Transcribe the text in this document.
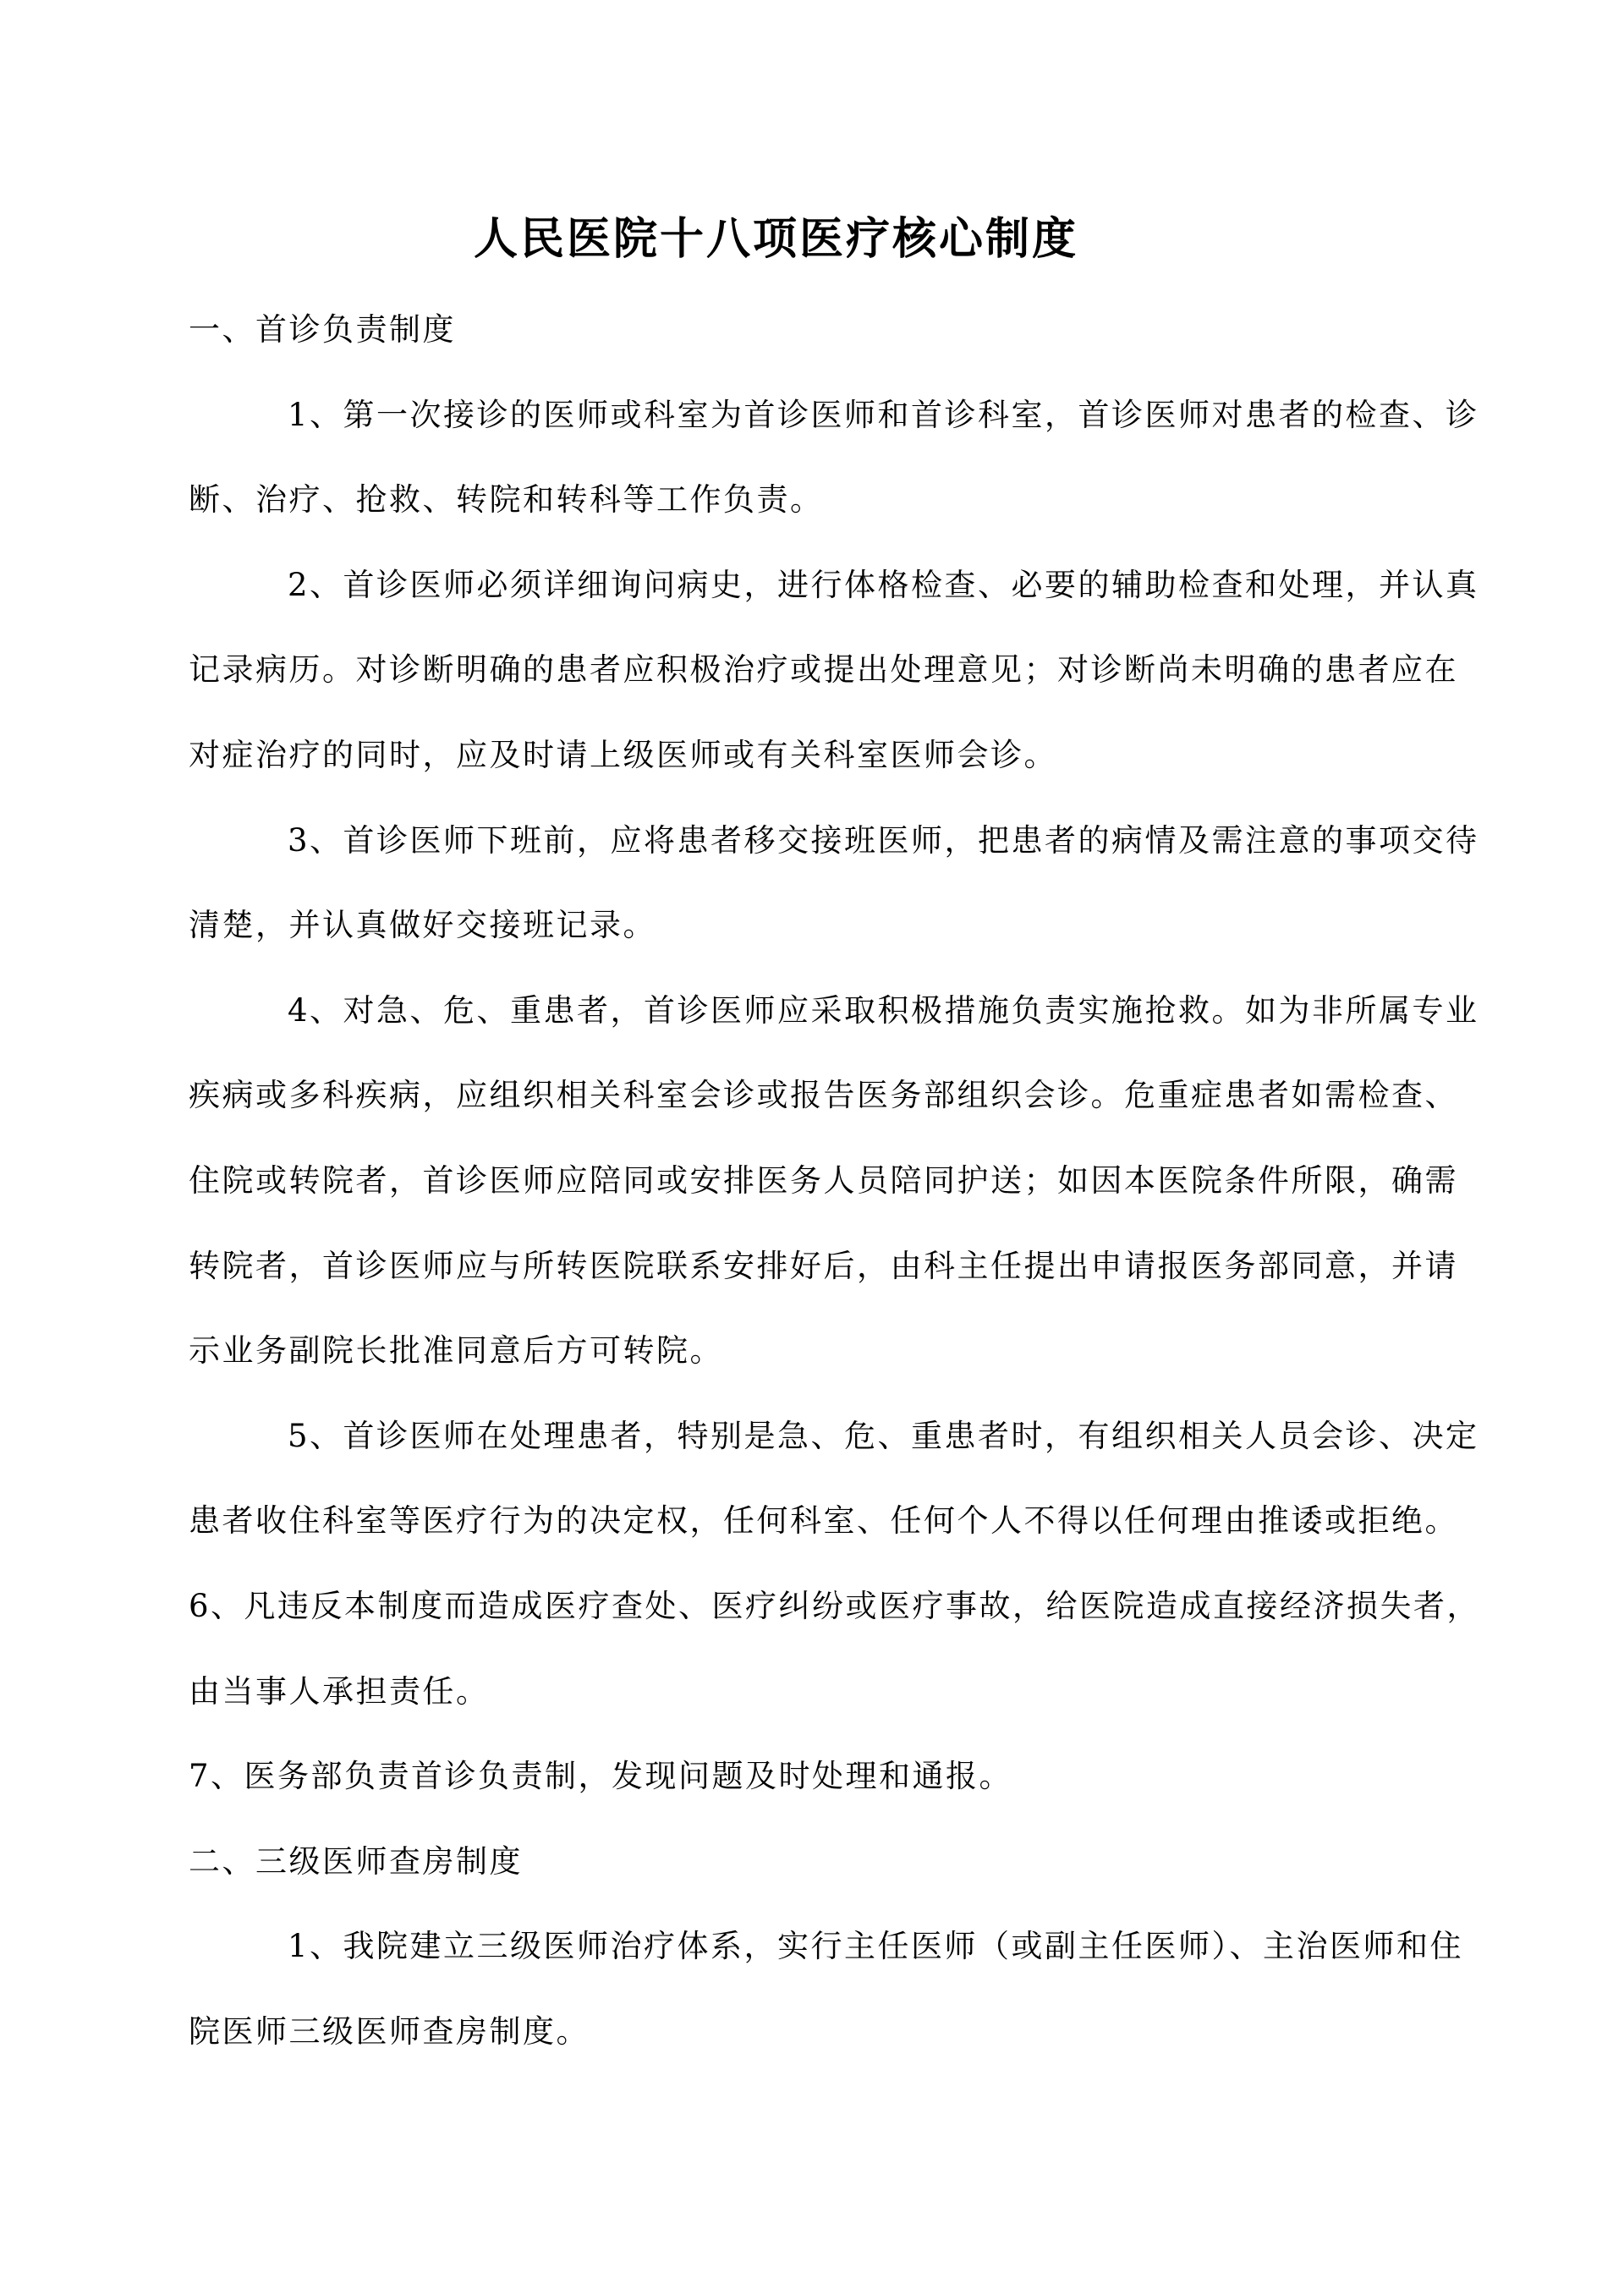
人民医院十八项医疗核心制度
一、首诊负责制度
1、第一次接诊的医师或科室为首诊医师和首诊科室，首诊医师对患者的检查、诊
断、治疗、抢救、转院和转科等工作负责。
2、首诊医师必须详细询问病史，进行体格检查、必要的辅助检查和处理，并认真
记录病历。对诊断明确的患者应积极治疗或提出处理意见；对诊断尚未明确的患者应在
对症治疗的同时，应及时请上级医师或有关科室医师会诊。
3、首诊医师下班前，应将患者移交接班医师，把患者的病情及需注意的事项交待
清楚，并认真做好交接班记录。
4、对急、危、重患者，首诊医师应采取积极措施负责实施抢救。如为非所属专业
疾病或多科疾病，应组织相关科室会诊或报告医务部组织会诊。危重症患者如需检查、
住院或转院者，首诊医师应陪同或安排医务人员陪同护送；如因本医院条件所限，确需
转院者，首诊医师应与所转医院联系安排好后，由科主任提出申请报医务部同意，并请
示业务副院长批准同意后方可转院。
5、首诊医师在处理患者，特别是急、危、重患者时，有组织相关人员会诊、决定
患者收住科室等医疗行为的决定权，任何科室、任何个人不得以任何理由推诿或拒绝。
6、凡违反本制度而造成医疗查处、医疗纠纷或医疗事故，给医院造成直接经济损失者，
由当事人承担责任。
7、医务部负责首诊负责制，发现问题及时处理和通报。
二、三级医师查房制度
1、我院建立三级医师治疗体系，实行主任医师（或副主任医师）、主治医师和住
院医师三级医师查房制度。
